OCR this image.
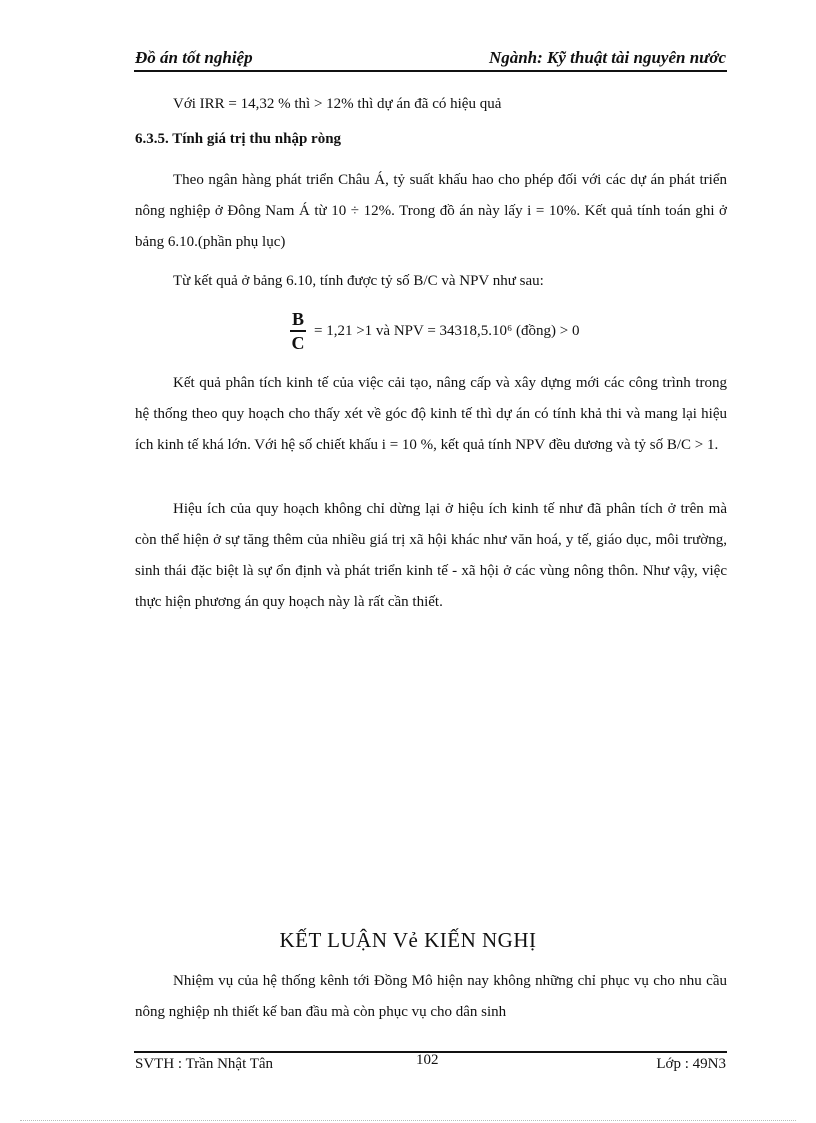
Đồ án tốt nghiệp	Ngành: Kỹ thuật tài nguyên nước

Với IRR = 14,32 % thì > 12% thì dự án đã có hiệu quả

6.3.5. Tính giá trị thu nhập ròng

Theo ngân hàng phát triển Châu Á, tỷ suất khấu hao cho phép đối với các dự án phát triển nông nghiệp ở Đông Nam Á từ 10 ÷ 12%. Trong đồ án này lấy i = 10%. Kết quả tính toán ghi ở bảng 6.10.(phần phụ lục)

Từ kết quả ở bảng 6.10, tính được tỷ số B/C và NPV như sau:

$\frac{B}{C} = 1,21 >1$ và NPV = 34318,5.10⁶ (đồng) > 0

Kết quả phân tích kinh tế của việc cải tạo, nâng cấp và xây dựng mới các công trình trong hệ thống theo quy hoạch cho thấy xét về góc độ kinh tế thì dự án có tính khả thi và mang lại hiệu ích kinh tế khá lớn. Với hệ số chiết khấu i = 10 %, kết quả tính NPV đều dương và tỷ số B/C > 1.

Hiệu ích của quy hoạch không chỉ dừng lại ở hiệu ích kinh tế như đã phân tích ở trên mà còn thể hiện ở sự tăng thêm của nhiều giá trị xã hội khác như văn hoá, y tế, giáo dục, môi trường, sinh thái đặc biệt là sự ổn định và phát triển kinh tế - xã hội ở các vùng nông thôn. Như vậy, việc thực hiện phương án quy hoạch này là rất cần thiết.

KẾT LUẬN Vẻ KIẾN NGHỊ

Nhiệm vụ của hệ thống kênh tới Đồng Mô hiện nay không những chỉ phục vụ cho nhu cầu nông nghiệp nh thiết kế ban đầu mà còn phục vụ cho dân sinh

SVTH : Trần Nhật Tân	102	Lớp : 49N3
